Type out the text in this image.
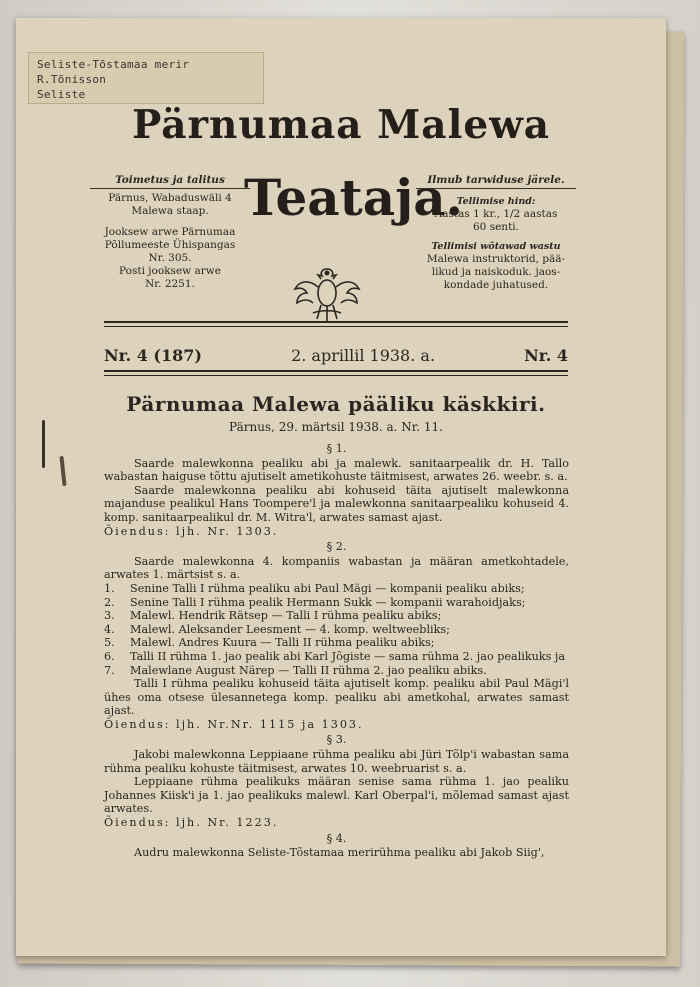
Seliste-Tõstamaa merir
R.Tõnisson
Seliste
Pärnumaa Malewa
Teataja.
Toimetus ja talitus
Pärnus, Wabaduswäli 4
Malewa staap.
Jooksew arwe Pärnumaa
Põllumeeste Ühispangas
Nr. 305.
Posti jooksew arwe
Nr. 2251.
Ilmub tarwiduse järele.
Tellimise hind:
Aastas 1 kr., 1/2 aastas
60 senti.
Tellimisi wõtawad wastu
Malewa instruktorid, pää-
likud ja naiskoduk. jaos-
kondade juhatused.
Nr. 4 (187)	2. aprillil 1938. a.	Nr. 4
Pärnumaa Malewa pääliku käskkiri.
Pärnus, 29. märtsil 1938. a. Nr. 11.
§ 1.

Saarde malewkonna pealiku abi ja malewk. sanitaarpealik dr. H. Tallo wabastan haiguse tõttu ajutiselt ametikohuste täitmisest, arwates 26. weebr. s. a.

Saarde malewkonna pealiku abi kohuseid täita ajutiselt malewkonna majanduse pealikul Hans Toompere'l ja malewkonna sanitaarpealiku kohuseid 4. komp. sanitaarpealikul dr. M. Witra'l, arwates samast ajast.

Õiendus: ljh. Nr. 1303.

§ 2.

Saarde malewkonna 4. kompaniis wabastan ja määran ametkohtadele, arwates 1. märtsist s. a.

1.	Senine Talli I rühma pealiku abi Paul Mägi — kompanii pealiku abiks;
2.	Senine Talli I rühma pealik Hermann Sukk — kompanii warahoidjaks;
3.	Malewl. Hendrik Rätsep — Talli I rühma pealiku abiks;
4.	Malewl. Aleksander Leesment — 4. komp. weltweebliks;
5.	Malewl. Andres Kuura — Talli II rühma pealiku abiks;
6.	Talli II rühma 1. jao pealik abi Karl Jõgiste — sama rühma 2. jao pealikuks ja
7.	Malewlane August Närep — Talli II rühma 2. jao pealiku abiks.

Talli I rühma pealiku kohuseid täita ajutiselt komp. pealiku abil Paul Mägi'l ühes oma otsese ülesannetega komp. pealiku abi ametkohal, arwates samast ajast.

Õiendus: ljh. Nr.Nr. 1115 ja 1303.

§ 3.

Jakobi malewkonna Leppiaane rühma pealiku abi Jüri Tõlp'i wabastan sama rühma pealiku kohuste täitmisest, arwates 10. weebruarist s. a.

Leppiaane rühma pealikuks määran senise sama rühma 1. jao pealiku Johannes Kiisk'i ja 1. jao pealikuks malewl. Karl Oberpal'i, mõlemad samast ajast arwates.

Õiendus: ljh. Nr. 1223.

§ 4.

Audru malewkonna Seliste-Tõstamaa merirühma pealiku abi Jakob Siig',
